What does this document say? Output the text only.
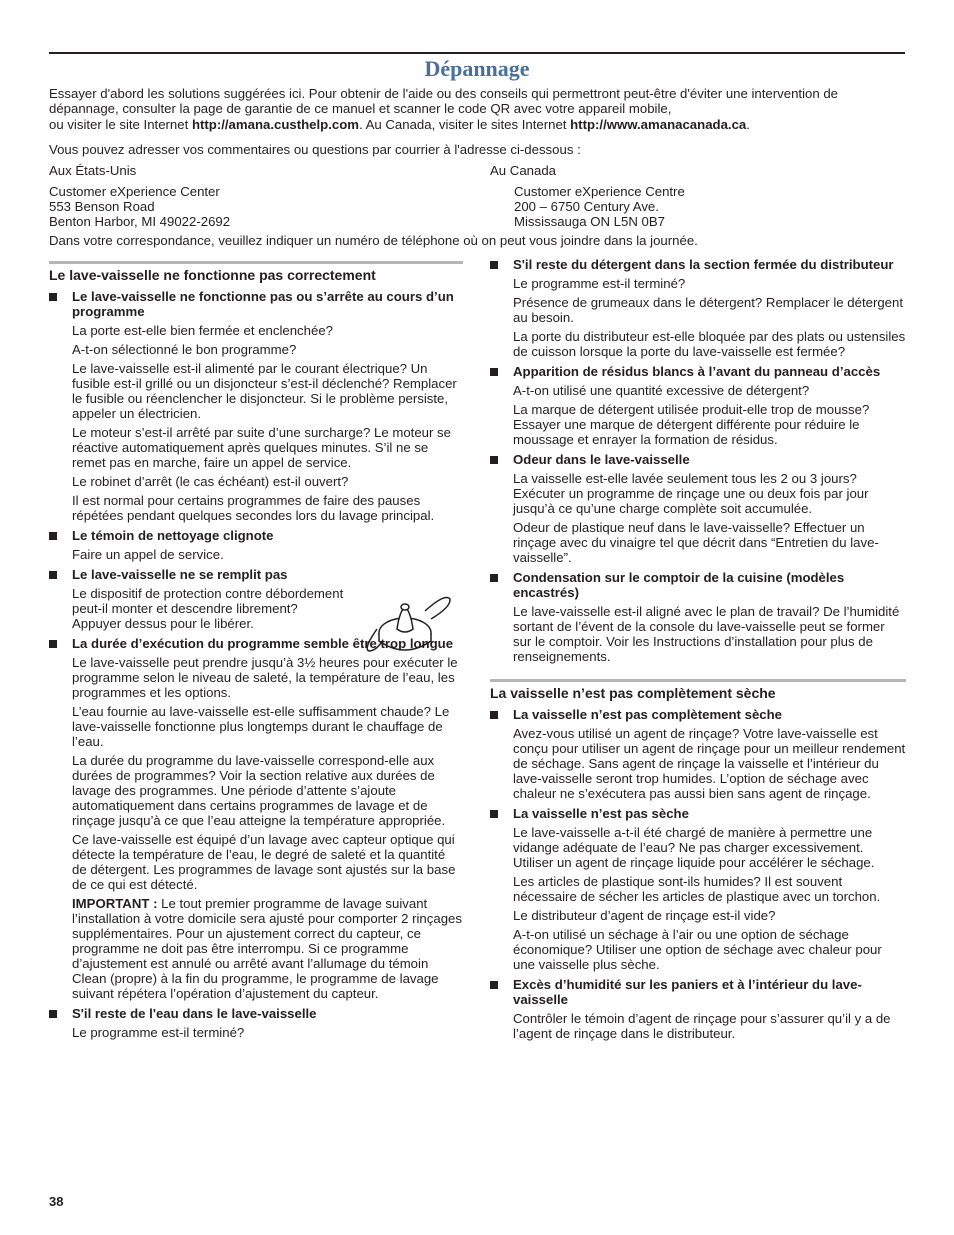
Dépannage

Essayer d'abord les solutions suggérées ici. Pour obtenir de l'aide ou des conseils qui permettront peut-être d'éviter une intervention de dépannage, consulter la page de garantie de ce manuel et scanner le code QR avec votre appareil mobile,

ou visiter le site Internet http://amana.custhelp.com. Au Canada, visiter le sites Internet http://www.amanacanada.ca.

Vous pouvez adresser vos commentaires ou questions par courrier à l'adresse ci-dessous :
Aux États-Unis
Customer eXperience Center
553 Benson Road
Benton Harbor, MI 49022-2692
Au Canada
Customer eXperience Centre
200 – 6750 Century Ave.
Mississauga ON L5N 0B7
Dans votre correspondance, veuillez indiquer un numéro de téléphone où on peut vous joindre dans la journée.
Le lave-vaisselle ne fonctionne pas correctement
Le lave-vaisselle ne fonctionne pas ou s’arrête au cours d’un programme

La porte est-elle bien fermée et enclenchée?

A-t-on sélectionné le bon programme?

Le lave-vaisselle est-il alimenté par le courant électrique? Un fusible est-il grillé ou un disjoncteur s’est-il déclenché? Remplacer le fusible ou réenclencher le disjoncteur. Si le problème persiste, appeler un électricien.

Le moteur s’est-il arrêté par suite d’une surcharge? Le moteur se réactive automatiquement après quelques minutes. S’il ne se remet pas en marche, faire un appel de service.

Le robinet d’arrêt (le cas échéant) est-il ouvert?

Il est normal pour certains programmes de faire des pauses répétées pendant quelques secondes lors du lavage principal.

Le témoin de nettoyage clignote

Faire un appel de service.

Le lave-vaisselle ne se remplit pas

Le dispositif de protection contre débordement peut-il monter et descendre librement? Appuyer dessus pour le libérer.

La durée d’exécution du programme semble être trop longue

Le lave-vaisselle peut prendre jusqu’à 3½ heures pour exécuter le programme selon le niveau de saleté, la température de l’eau, les programmes et les options.

L’eau fournie au lave-vaisselle est-elle suffisamment chaude? Le lave-vaisselle fonctionne plus longtemps durant le chauffage de l’eau.

La durée du programme du lave-vaisselle correspond-elle aux durées de programmes? Voir la section relative aux durées de lavage des programmes. Une période d’attente s’ajoute automatiquement dans certains programmes de lavage et de rinçage jusqu’à ce que l’eau atteigne la température appropriée.

Ce lave-vaisselle est équipé d’un lavage avec capteur optique qui détecte la température de l’eau, le degré de saleté et la quantité de détergent. Les programmes de lavage sont ajustés sur la base de ce qui est détecté.

IMPORTANT : Le tout premier programme de lavage suivant l’installation à votre domicile sera ajusté pour comporter 2 rinçages supplémentaires. Pour un ajustement correct du capteur, ce programme ne doit pas être interrompu. Si ce programme d’ajustement est annulé ou arrêté avant l’allumage du témoin Clean (propre) à la fin du programme, le programme de lavage suivant répétera l’opération d’ajustement du capteur.

S'il reste de l'eau dans le lave-vaisselle

Le programme est-il terminé?

S'il reste du détergent dans la section fermée du distributeur

Le programme est-il terminé?

Présence de grumeaux dans le détergent? Remplacer le détergent au besoin.

La porte du distributeur est-elle bloquée par des plats ou ustensiles de cuisson lorsque la porte du lave-vaisselle est fermée?

Apparition de résidus blancs à l’avant du panneau d’accès

A-t-on utilisé une quantité excessive de détergent?

La marque de détergent utilisée produit-elle trop de mousse? Essayer une marque de détergent différente pour réduire le moussage et enrayer la formation de résidus.

Odeur dans le lave-vaisselle

La vaisselle est-elle lavée seulement tous les 2 ou 3 jours? Exécuter un programme de rinçage une ou deux fois par jour jusqu’à ce qu’une charge complète soit accumulée.

Odeur de plastique neuf dans le lave-vaisselle? Effectuer un rinçage avec du vinaigre tel que décrit dans “Entretien du lave-vaisselle”.

Condensation sur le comptoir de la cuisine (modèles encastrés)

Le lave-vaisselle est-il aligné avec le plan de travail? De l’humidité sortant de l’évent de la console du lave-vaisselle peut se former sur le comptoir. Voir les Instructions d’installation pour plus de renseignements.

La vaisselle n’est pas complètement sèche
La vaisselle n’est pas complètement sèche

Avez-vous utilisé un agent de rinçage? Votre lave-vaisselle est conçu pour utiliser un agent de rinçage pour un meilleur rendement de séchage. Sans agent de rinçage la vaisselle et l’intérieur du lave-vaisselle seront trop humides. L’option de séchage avec chaleur ne s’exécutera pas aussi bien sans agent de rinçage.

La vaisselle n’est pas sèche

Le lave-vaisselle a-t-il été chargé de manière à permettre une vidange adéquate de l’eau? Ne pas charger excessivement. Utiliser un agent de rinçage liquide pour accélérer le séchage.

Les articles de plastique sont-ils humides? Il est souvent nécessaire de sécher les articles de plastique avec un torchon.

Le distributeur d’agent de rinçage est-il vide?

A-t-on utilisé un séchage à l’air ou une option de séchage économique? Utiliser une option de séchage avec chaleur pour une vaisselle plus sèche.

Excès d’humidité sur les paniers et à l’intérieur du lave-vaisselle

Contrôler le témoin d’agent de rinçage pour s’assurer qu’il y a de l’agent de rinçage dans le distributeur.

38
